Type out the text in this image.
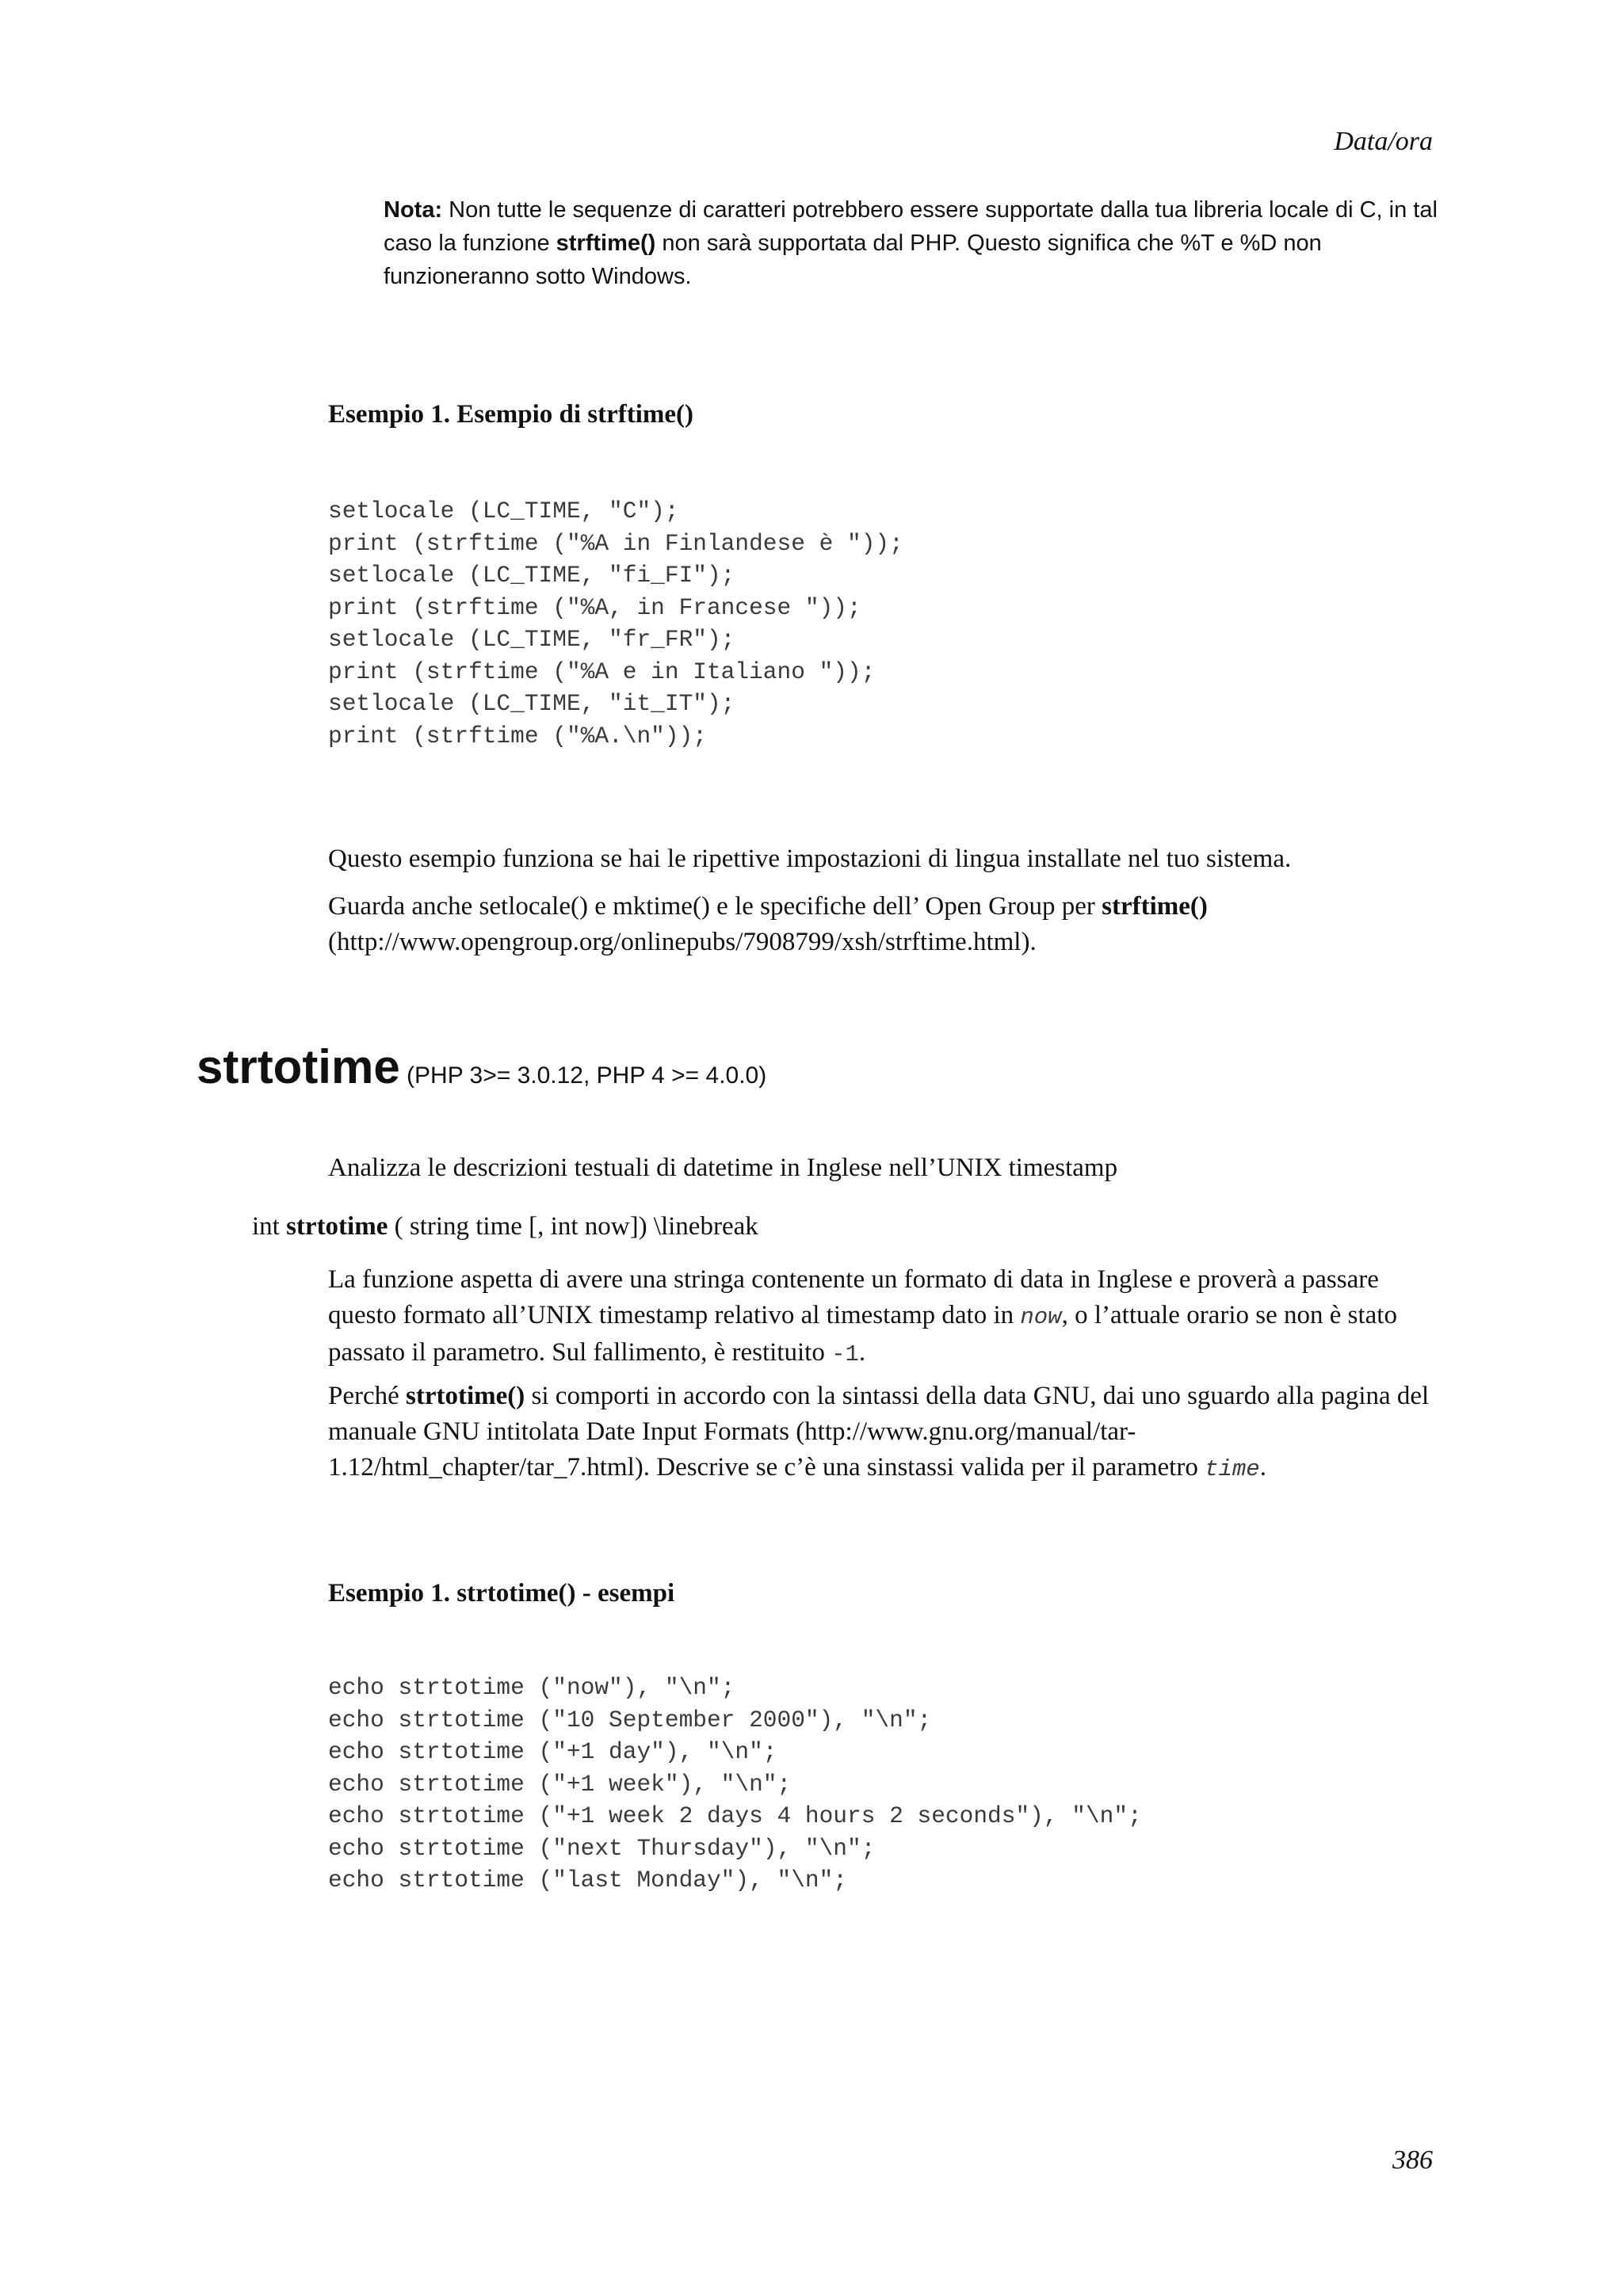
Data/ora
Nota: Non tutte le sequenze di caratteri potrebbero essere supportate dalla tua libreria locale di C, in tal caso la funzione strftime() non sarà supportata dal PHP. Questo significa che %T e %D non funzioneranno sotto Windows.
Esempio 1. Esempio di strftime()
setlocale (LC_TIME, "C");
print (strftime ("%A in Finlandese è "));
setlocale (LC_TIME, "fi_FI");
print (strftime ("%A, in Francese "));
setlocale (LC_TIME, "fr_FR");
print (strftime ("%A e in Italiano "));
setlocale (LC_TIME, "it_IT");
print (strftime ("%A.\n"));
Questo esempio funziona se hai le ripettive impostazioni di lingua installate nel tuo sistema.
Guarda anche setlocale() e mktime() e le specifiche dell’ Open Group per strftime() (http://www.opengroup.org/onlinepubs/7908799/xsh/strftime.html).
strtotime (PHP 3>= 3.0.12, PHP 4 >= 4.0.0)
Analizza le descrizioni testuali di datetime in Inglese nell’UNIX timestamp
int strtotime ( string time [, int now]) \linebreak
La funzione aspetta di avere una stringa contenente un formato di data in Inglese e proverà a passare questo formato all’UNIX timestamp relativo al timestamp dato in now, o l’attuale orario se non è stato passato il parametro. Sul fallimento, è restituito -1.
Perché strtotime() si comporti in accordo con la sintassi della data GNU, dai uno sguardo alla pagina del manuale GNU intitolata Date Input Formats (http://www.gnu.org/manual/tar-1.12/html_chapter/tar_7.html). Descrive se c’è una sinstassi valida per il parametro time.
Esempio 1. strtotime() - esempi
echo strtotime ("now"), "\n";
echo strtotime ("10 September 2000"), "\n";
echo strtotime ("+1 day"), "\n";
echo strtotime ("+1 week"), "\n";
echo strtotime ("+1 week 2 days 4 hours 2 seconds"), "\n";
echo strtotime ("next Thursday"), "\n";
echo strtotime ("last Monday"), "\n";
386
